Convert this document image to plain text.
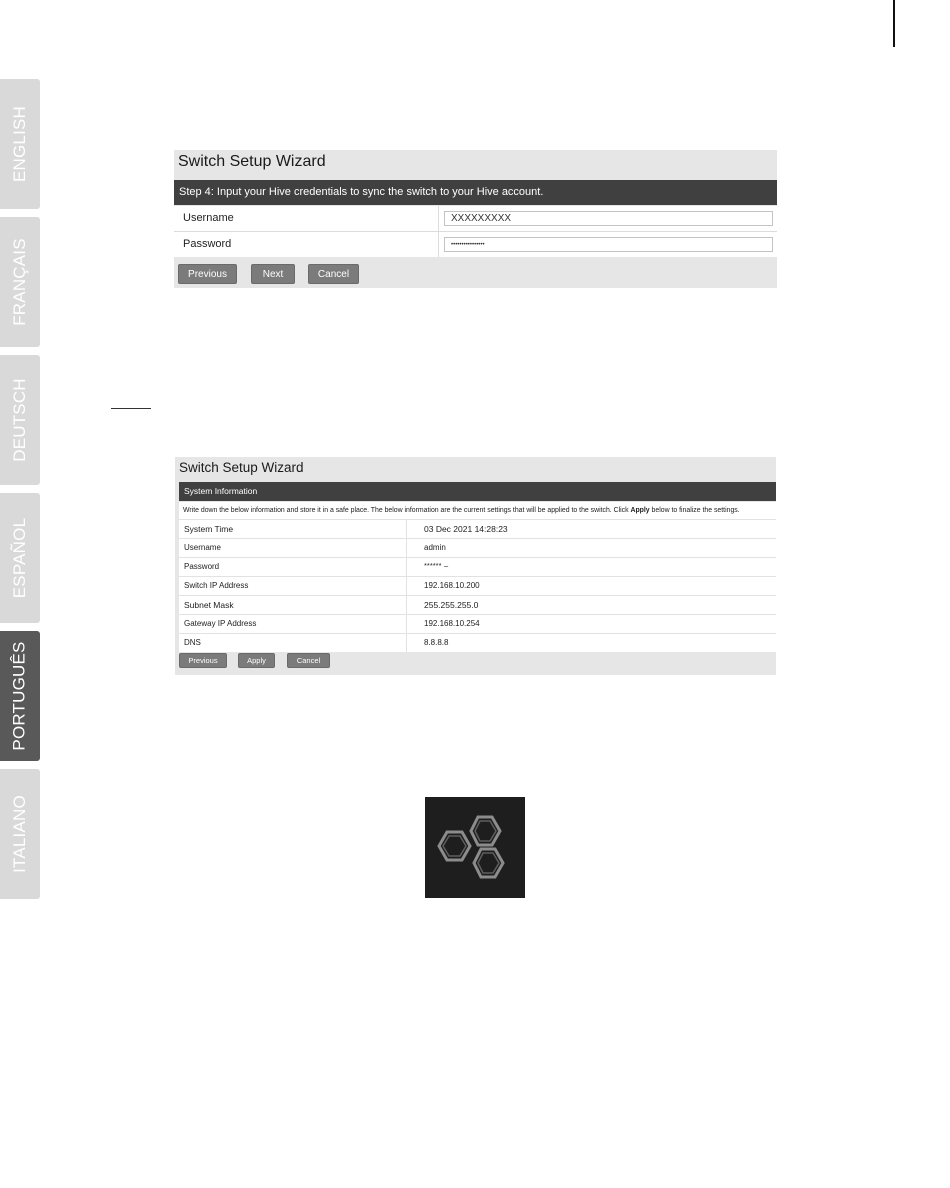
ENGLISH
FRANÇAIS
DEUTSCH
ESPAÑOL
PORTUGUÊS
ITALIANO
Switch Setup Wizard
Step 4: Input your Hive credentials to sync the switch to your Hive account.
Username
XXXXXXXXX
Password
••••••••••••••••
Previous	Next	Cancel
Switch Setup Wizard
System Information
Write down the below information and store it in a safe place. The below information are the current settings that will be applied to the switch. Click Apply below to finalize the settings.
System Time	03 Dec 2021 14:28:23
Username	admin
Password	****** ⌣
Switch IP Address	192.168.10.200
Subnet Mask	255.255.255.0
Gateway IP Address	192.168.10.254
DNS	8.8.8.8
Previous	Apply	Cancel
